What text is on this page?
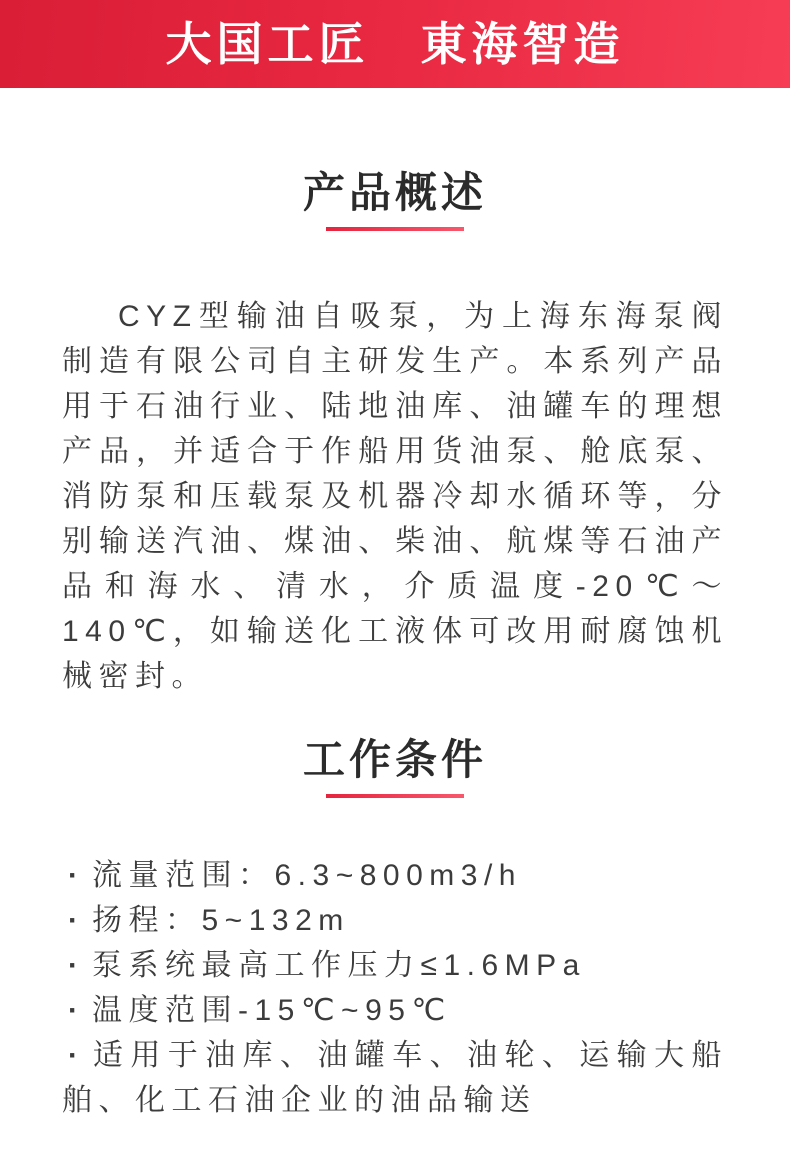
大国工匠　東海智造
产品概述

CYZ型输油自吸泵，为上海东海泵阀制造有限公司自主研发生产。本系列产品用于石油行业、陆地油库、油罐车的理想产品，并适合于作船用货油泵、舱底泵、消防泵和压载泵及机器冷却水循环等，分别输送汽油、煤油、柴油、航煤等石油产品和海水、清水，介质温度-20℃～140℃，如输送化工液体可改用耐腐蚀机械密封。

工作条件
· 流量范围：6.3~800m3/h
· 扬程：5~132m
· 泵系统最高工作压力≤1.6MPa
· 温度范围-15℃~95℃
· 适用于油库、油罐车、油轮、运输大船舶、化工石油企业的油品输送
